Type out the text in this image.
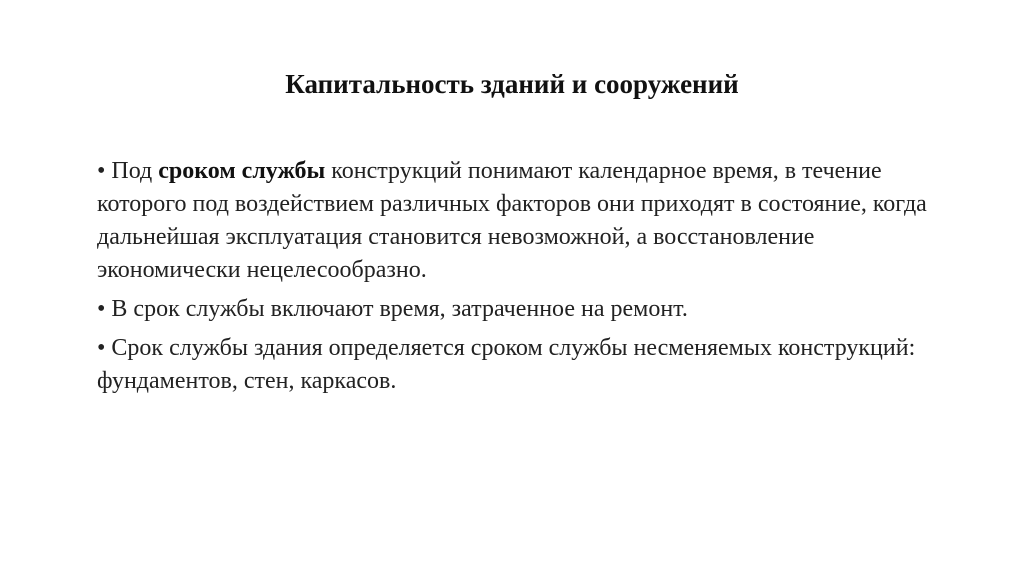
Капитальность зданий и сооружений
• Под сроком службы конструкций понимают календарное время, в течение которого под воздействием различных факторов они приходят в состояние, когда дальнейшая эксплуатация становится невозможной, а восстановление экономически нецелесообразно.
• В срок службы включают время, затраченное на ремонт.
• Срок службы здания определяется сроком службы несменяемых конструкций: фундаментов, стен, каркасов.
